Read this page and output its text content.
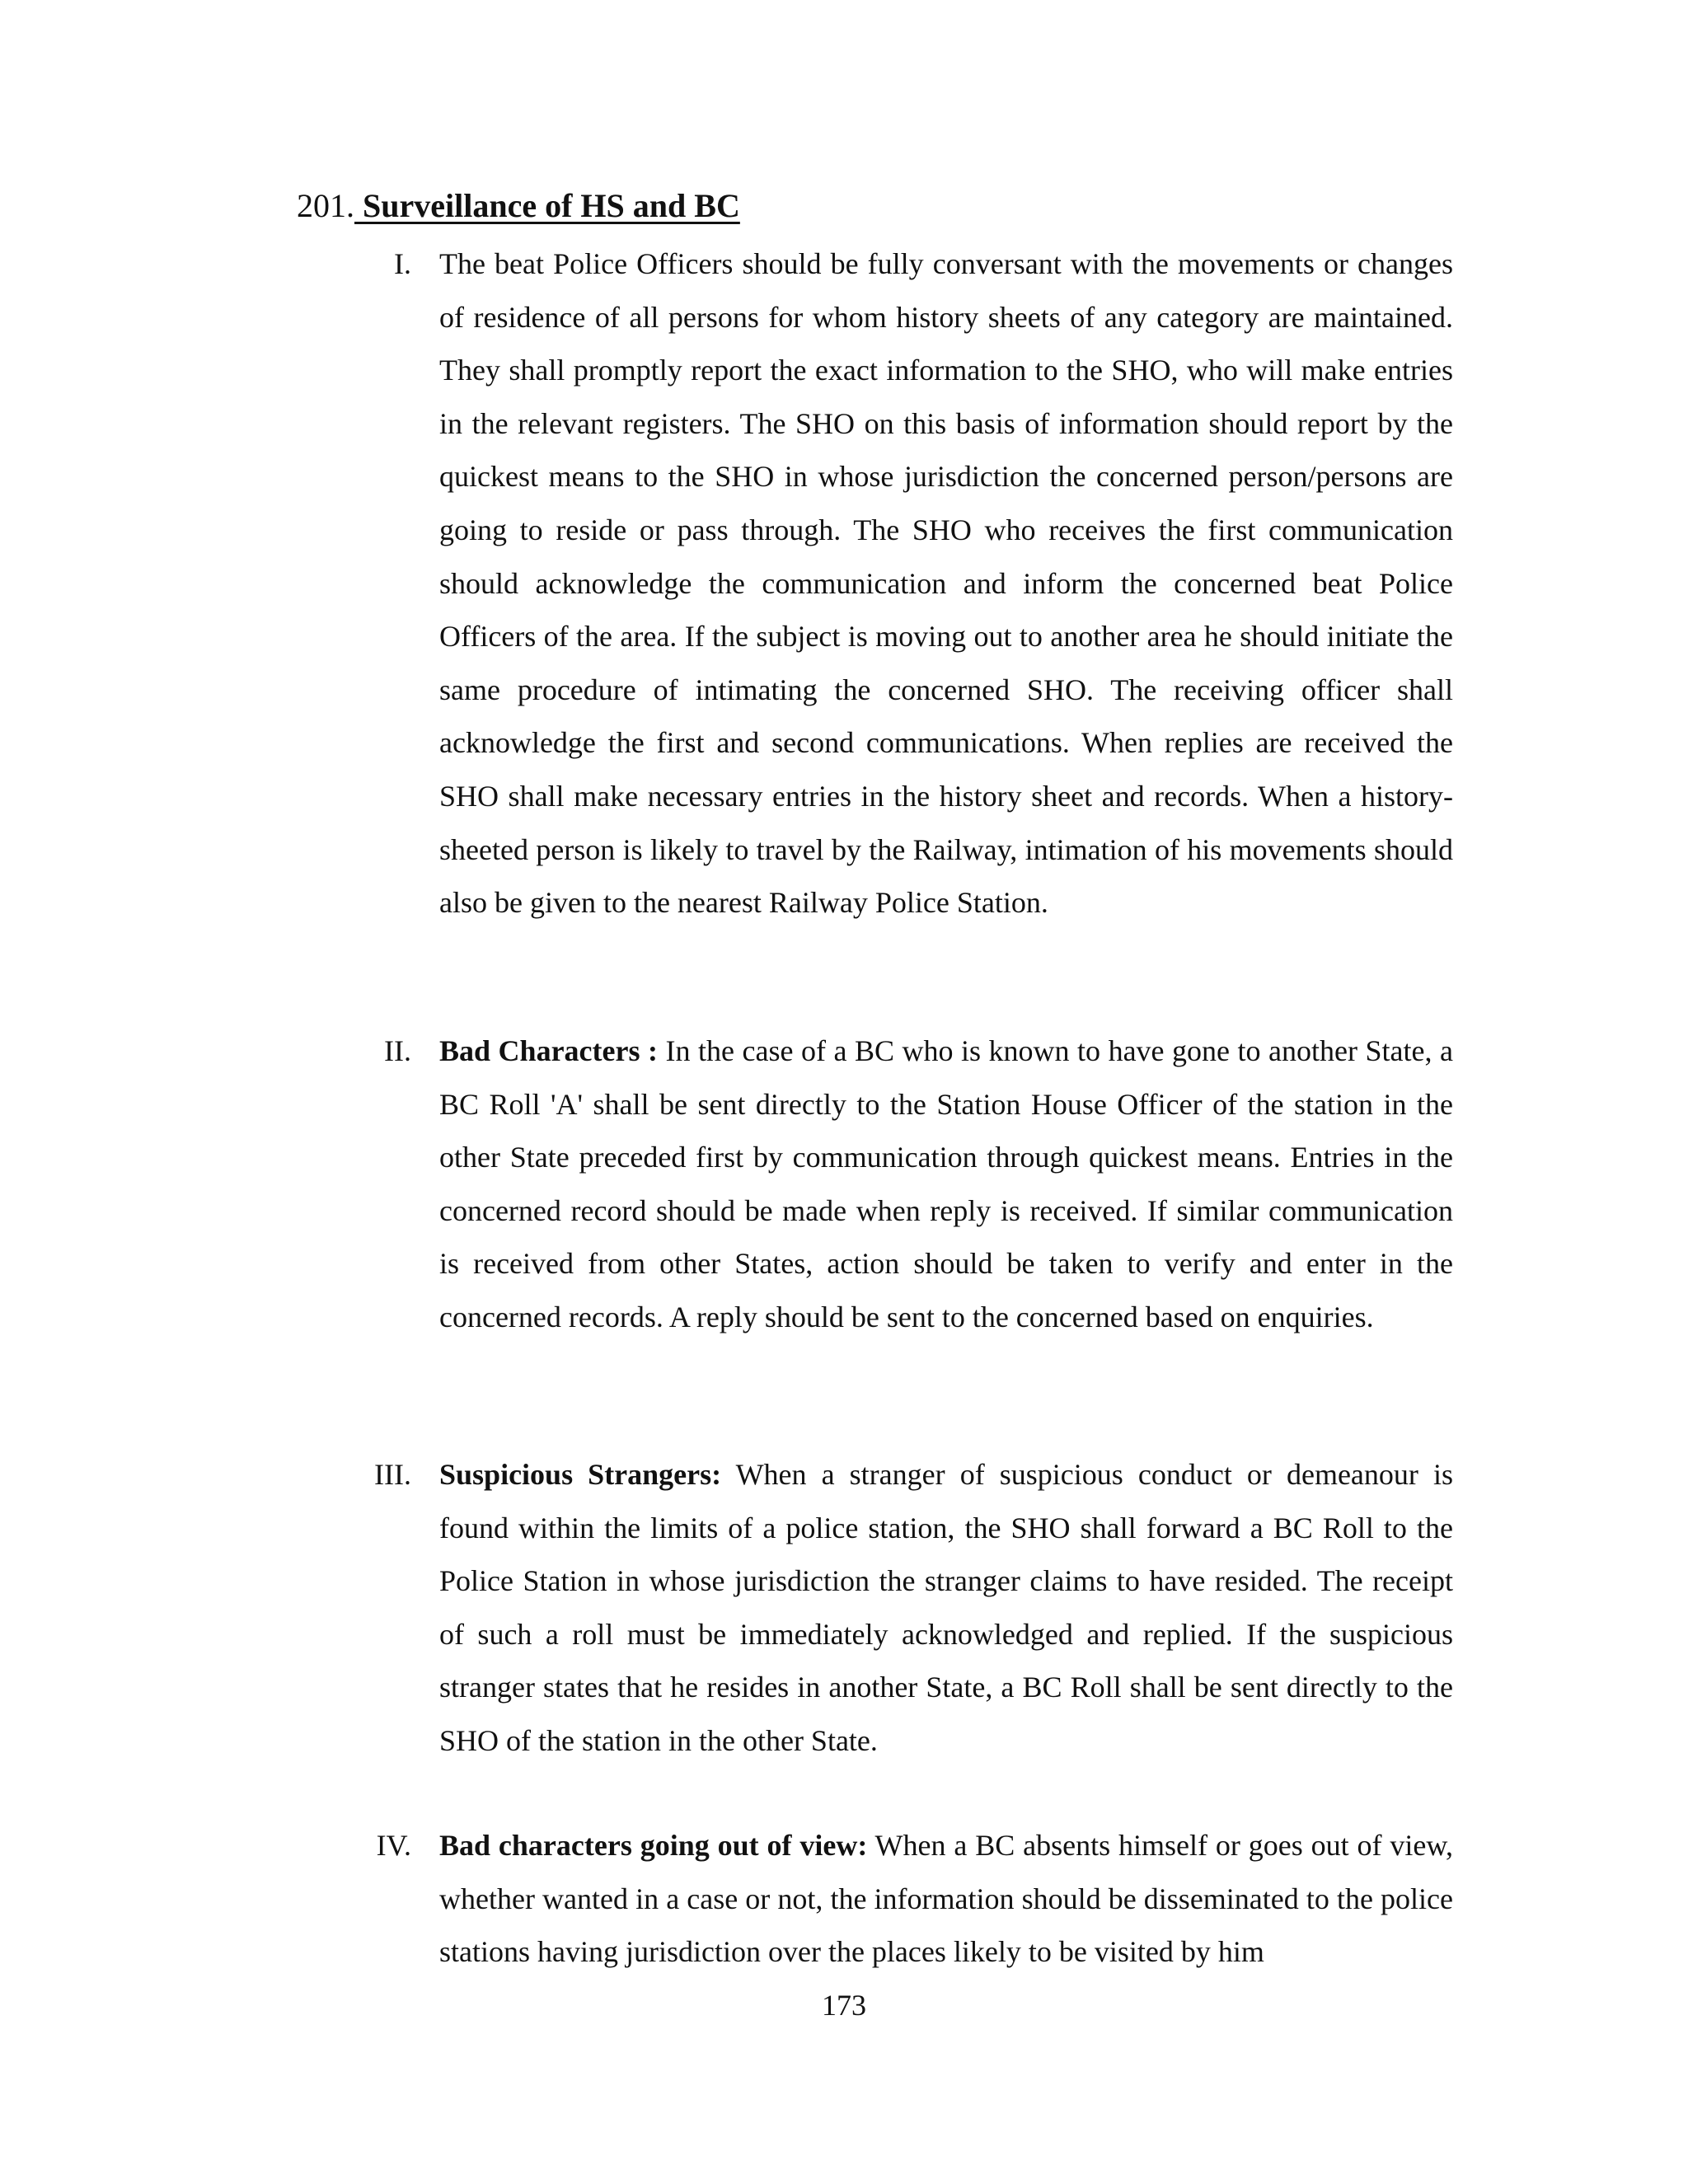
201. Surveillance of HS and BC
I. The beat Police Officers should be fully conversant with the movements or changes of residence of all persons for whom history sheets of any category are maintained. They shall promptly report the exact information to the SHO, who will make entries in the relevant registers. The SHO on this basis of information should report by the quickest means to the SHO in whose jurisdiction the concerned person/persons are going to reside or pass through. The SHO who receives the first communication should acknowledge the communication and inform the concerned beat Police Officers of the area. If the subject is moving out to another area he should initiate the same procedure of intimating the concerned SHO. The receiving officer shall acknowledge the first and second communications. When replies are received the SHO shall make necessary entries in the history sheet and records. When a history-sheeted person is likely to travel by the Railway, intimation of his movements should also be given to the nearest Railway Police Station.
II. Bad Characters : In the case of a BC who is known to have gone to another State, a BC Roll 'A' shall be sent directly to the Station House Officer of the station in the other State preceded first by communication through quickest means. Entries in the concerned record should be made when reply is received. If similar communication is received from other States, action should be taken to verify and enter in the concerned records. A reply should be sent to the concerned based on enquiries.
III. Suspicious Strangers: When a stranger of suspicious conduct or demeanour is found within the limits of a police station, the SHO shall forward a BC Roll to the Police Station in whose jurisdiction the stranger claims to have resided. The receipt of such a roll must be immediately acknowledged and replied. If the suspicious stranger states that he resides in another State, a BC Roll shall be sent directly to the SHO of the station in the other State.
IV. Bad characters going out of view: When a BC absents himself or goes out of view, whether wanted in a case or not, the information should be disseminated to the police stations having jurisdiction over the places likely to be visited by him
173
